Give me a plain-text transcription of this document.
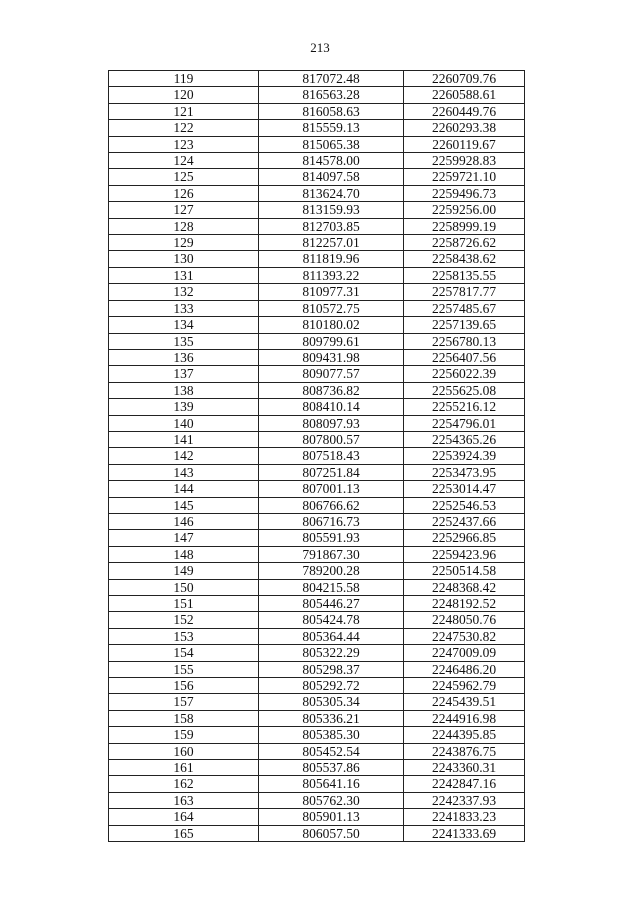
213
119	817072.48	2260709.76
120	816563.28	2260588.61
121	816058.63	2260449.76
122	815559.13	2260293.38
123	815065.38	2260119.67
124	814578.00	2259928.83
125	814097.58	2259721.10
126	813624.70	2259496.73
127	813159.93	2259256.00
128	812703.85	2258999.19
129	812257.01	2258726.62
130	811819.96	2258438.62
131	811393.22	2258135.55
132	810977.31	2257817.77
133	810572.75	2257485.67
134	810180.02	2257139.65
135	809799.61	2256780.13
136	809431.98	2256407.56
137	809077.57	2256022.39
138	808736.82	2255625.08
139	808410.14	2255216.12
140	808097.93	2254796.01
141	807800.57	2254365.26
142	807518.43	2253924.39
143	807251.84	2253473.95
144	807001.13	2253014.47
145	806766.62	2252546.53
146	806716.73	2252437.66
147	805591.93	2252966.85
148	791867.30	2259423.96
149	789200.28	2250514.58
150	804215.58	2248368.42
151	805446.27	2248192.52
152	805424.78	2248050.76
153	805364.44	2247530.82
154	805322.29	2247009.09
155	805298.37	2246486.20
156	805292.72	2245962.79
157	805305.34	2245439.51
158	805336.21	2244916.98
159	805385.30	2244395.85
160	805452.54	2243876.75
161	805537.86	2243360.31
162	805641.16	2242847.16
163	805762.30	2242337.93
164	805901.13	2241833.23
165	806057.50	2241333.69
